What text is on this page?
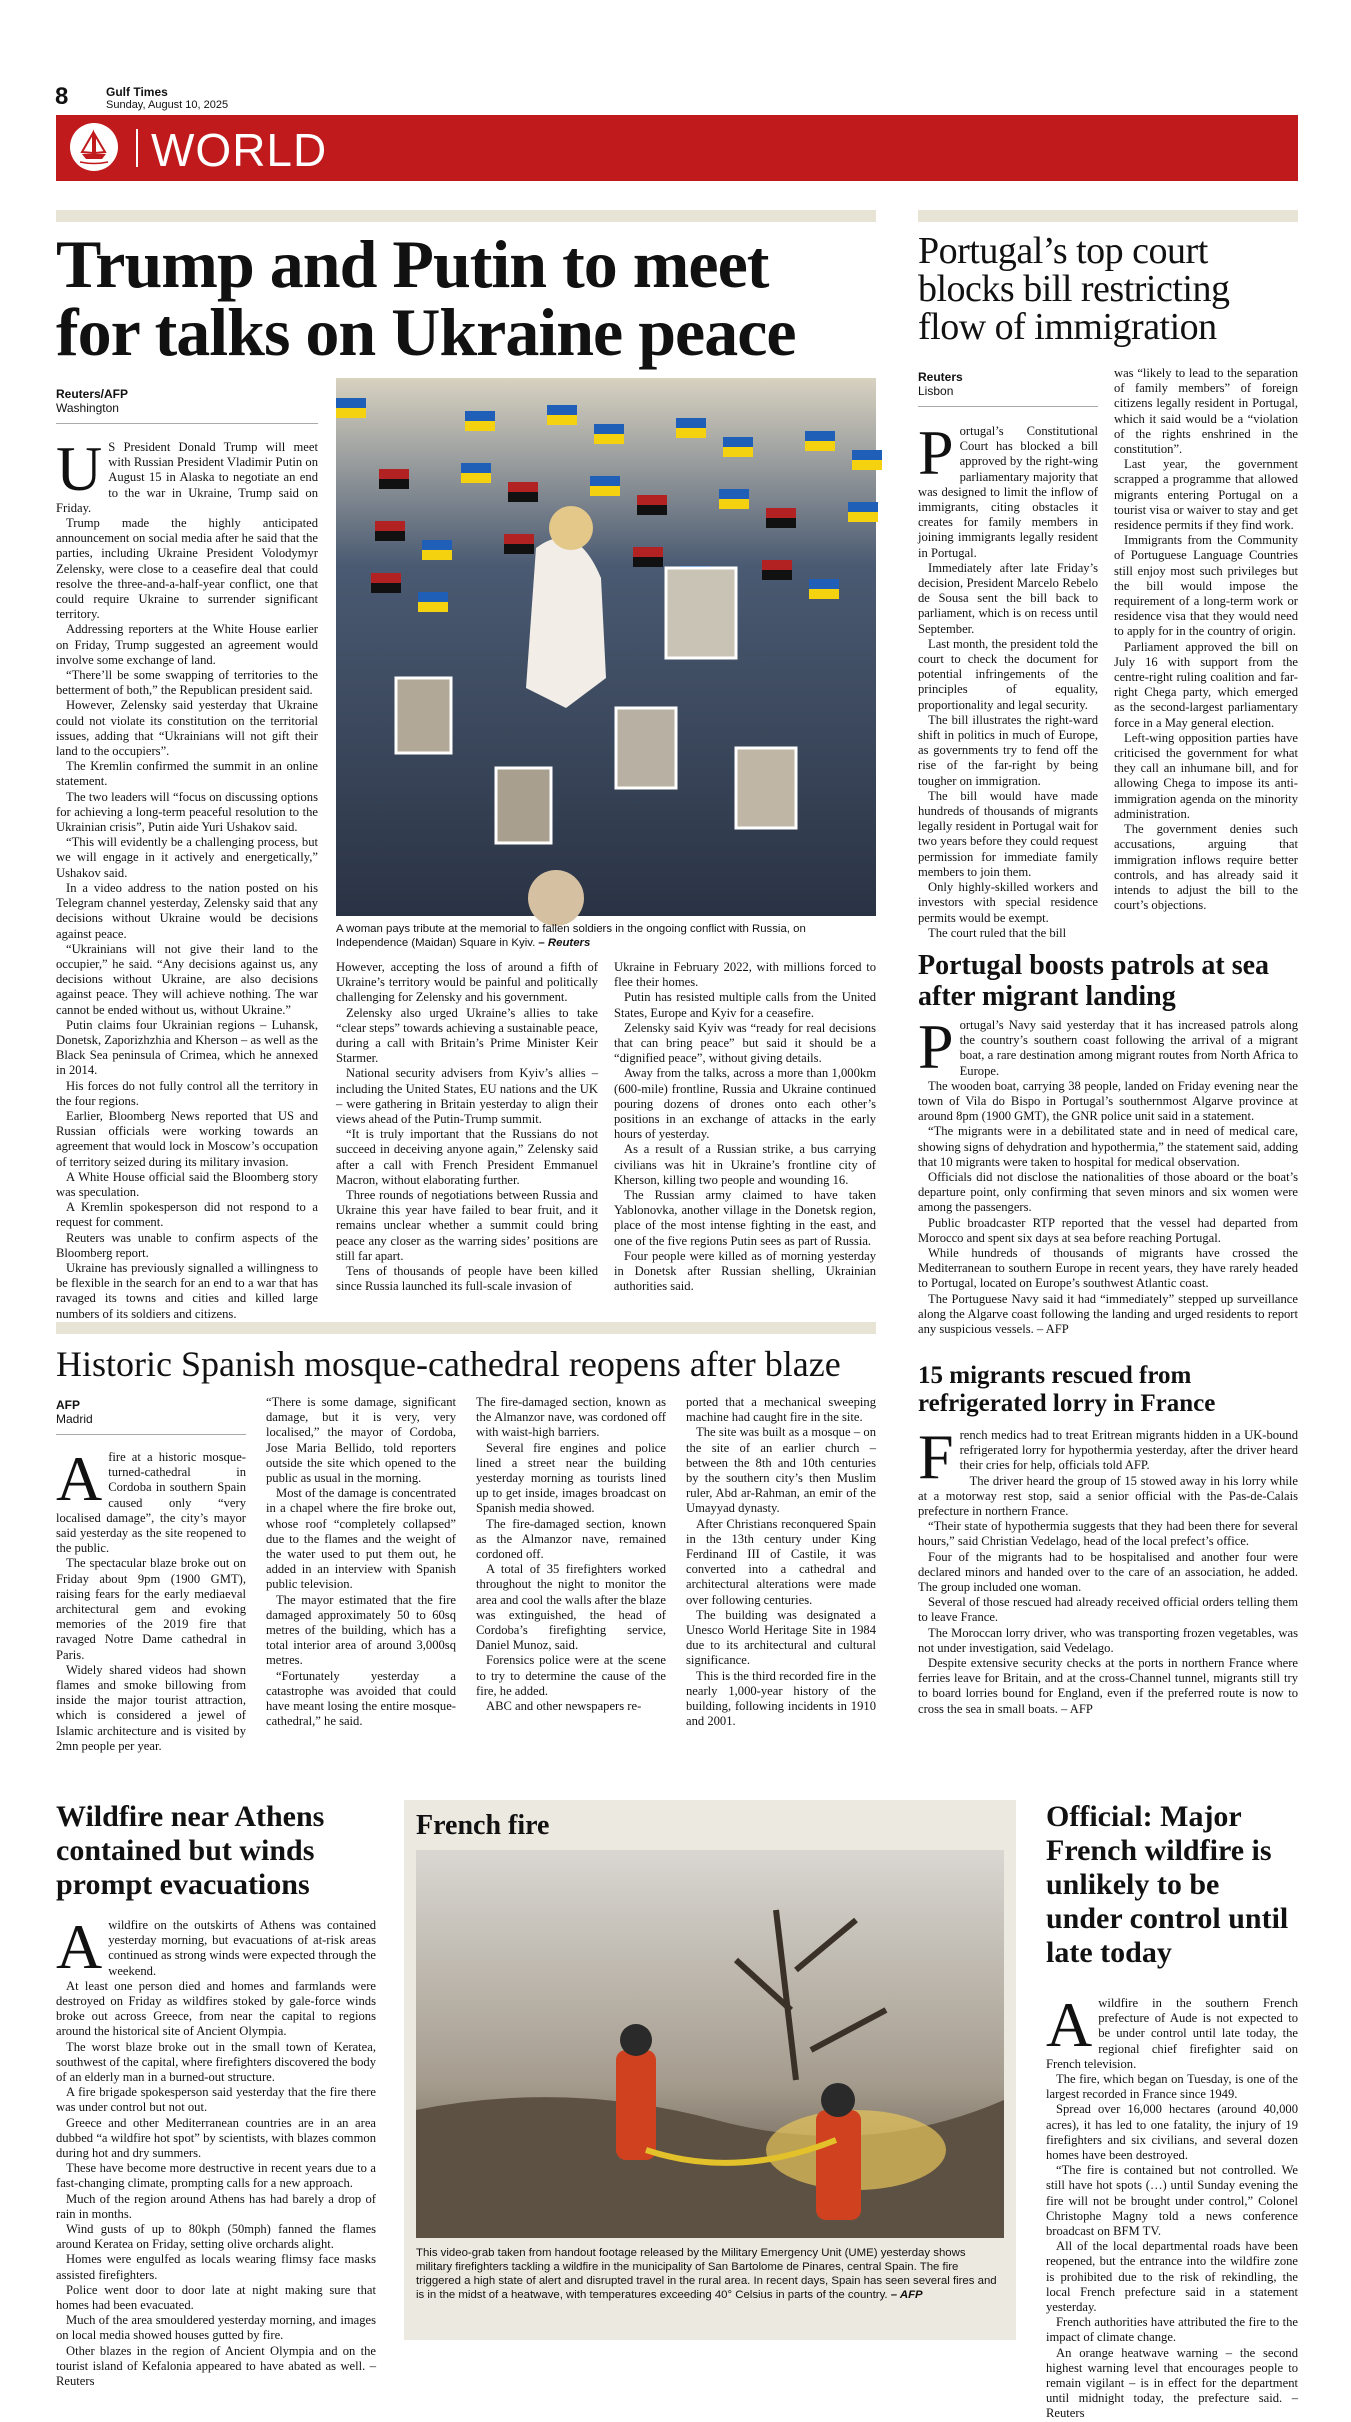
8	Gulf Times
Sunday, August 10, 2025
WORLD
Trump and Putin to meet
for talks on Ukraine peace
Reuters/AFP
Washington
U S President Donald Trump will meet with Russian President Vladimir Putin on August 15 in Alaska to negotiate an end to the war in Ukraine, Trump said on Friday.

Trump made the highly anticipated announcement on social media after he said that the parties, including Ukraine President Volodymyr Zelensky, were close to a ceasefire deal that could resolve the three-and-a-half-year conflict, one that could require Ukraine to surrender significant territory.

Addressing reporters at the White House earlier on Friday, Trump suggested an agreement would involve some exchange of land.

“There’ll be some swapping of territories to the betterment of both,” the Republican president said.

However, Zelensky said yesterday that Ukraine could not violate its constitution on the territorial issues, adding that “Ukrainians will not gift their land to the occupiers”.

The Kremlin confirmed the summit in an online statement.

The two leaders will “focus on discussing options for achieving a long-term peaceful resolution to the Ukrainian crisis”, Putin aide Yuri Ushakov said.

“This will evidently be a challenging process, but we will engage in it actively and energetically,” Ushakov said.

In a video address to the nation posted on his Telegram channel yesterday, Zelensky said that any decisions without Ukraine would be decisions against peace.

“Ukrainians will not give their land to the occupier,” he said. “Any decisions against us, any decisions without Ukraine, are also decisions against peace. They will achieve nothing. The war cannot be ended without us, without Ukraine.”

Putin claims four Ukrainian regions – Luhansk, Donetsk, Zaporizhzhia and Kherson – as well as the Black Sea peninsula of Crimea, which he annexed in 2014.

His forces do not fully control all the territory in the four regions.

Earlier, Bloomberg News reported that US and Russian officials were working towards an agreement that would lock in Moscow’s occupation of territory seized during its military invasion.

A White House official said the Bloomberg story was speculation.

A Kremlin spokesperson did not respond to a request for comment.

Reuters was unable to confirm aspects of the Bloomberg report.

Ukraine has previously signalled a willingness to be flexible in the search for an end to a war that has ravaged its towns and cities and killed large numbers of its soldiers and citizens.

A woman pays tribute at the memorial to fallen soldiers in the ongoing conflict with Russia, on Independence (Maidan) Square in Kyiv. – Reuters

However, accepting the loss of around a fifth of Ukraine’s territory would be painful and politically challenging for Zelensky and his government.

Zelensky also urged Ukraine’s allies to take “clear steps” towards achieving a sustainable peace, during a call with Britain’s Prime Minister Keir Starmer.

National security advisers from Kyiv’s allies – including the United States, EU nations and the UK – were gathering in Britain yesterday to align their views ahead of the Putin-Trump summit.

“It is truly important that the Russians do not succeed in deceiving anyone again,” Zelensky said after a call with French President Emmanuel Macron, without elaborating further.

Three rounds of negotiations between Russia and Ukraine this year have failed to bear fruit, and it remains unclear whether a summit could bring peace any closer as the warring sides’ positions are still far apart.

Tens of thousands of people have been killed since Russia launched its full-scale invasion of

Ukraine in February 2022, with millions forced to flee their homes.

Putin has resisted multiple calls from the United States, Europe and Kyiv for a ceasefire.

Zelensky said Kyiv was “ready for real decisions that can bring peace” but said it should be a “dignified peace”, without giving details.

Away from the talks, across a more than 1,000km (600-mile) frontline, Russia and Ukraine continued pouring dozens of drones onto each other’s positions in an exchange of attacks in the early hours of yesterday.

As a result of a Russian strike, a bus carrying civilians was hit in Ukraine’s frontline city of Kherson, killing two people and wounding 16.

The Russian army claimed to have taken Yablonovka, another village in the Donetsk region, place of the most intense fighting in the east, and one of the five regions Putin sees as part of Russia.

Four people were killed as of morning yesterday in Donetsk after Russian shelling, Ukrainian authorities said.

Portugal’s top court blocks bill restricting flow of immigration
Reuters
Lisbon
P ortugal’s Constitutional Court has blocked a bill approved by the right-wing parliamentary majority that was designed to limit the inflow of immigrants, citing obstacles it creates for family members in joining immigrants legally resident in Portugal.

Immediately after late Friday’s decision, President Marcelo Rebelo de Sousa sent the bill back to parliament, which is on recess until September.

Last month, the president told the court to check the document for potential infringements of the principles of equality, proportionality and legal security.

The bill illustrates the right-ward shift in politics in much of Europe, as governments try to fend off the rise of the far-right by being tougher on immigration.

The bill would have made hundreds of thousands of migrants legally resident in Portugal wait for two years before they could request permission for immediate family members to join them.

Only highly-skilled workers and investors with special residence permits would be exempt.

The court ruled that the bill

was “likely to lead to the separation of family members” of foreign citizens legally resident in Portugal, which it said would be a “violation of the rights enshrined in the constitution”.

Last year, the government scrapped a programme that allowed migrants entering Portugal on a tourist visa or waiver to stay and get residence permits if they find work.

Immigrants from the Community of Portuguese Language Countries still enjoy most such privileges but the bill would impose the requirement of a long-term work or residence visa that they would need to apply for in the country of origin.

Parliament approved the bill on July 16 with support from the centre-right ruling coalition and far-right Chega party, which emerged as the second-largest parliamentary force in a May general election.

Left-wing opposition parties have criticised the government for what they call an inhumane bill, and for allowing Chega to impose its anti-immigration agenda on the minority administration.

The government denies such accusations, arguing that immigration inflows require better controls, and has already said it intends to adjust the bill to the court’s objections.

Portugal boosts patrols at sea after migrant landing
P ortugal’s Navy said yesterday that it has increased patrols along the country’s southern coast following the arrival of a migrant boat, a rare destination among migrant routes from North Africa to Europe.

The wooden boat, carrying 38 people, landed on Friday evening near the town of Vila do Bispo in Portugal’s southernmost Algarve province at around 8pm (1900 GMT), the GNR police unit said in a statement.

“The migrants were in a debilitated state and in need of medical care, showing signs of dehydration and hypothermia,” the statement said, adding that 10 migrants were taken to hospital for medical observation.

Officials did not disclose the nationalities of those aboard or the boat’s departure point, only confirming that seven minors and six women were among the passengers.

Public broadcaster RTP reported that the vessel had departed from Morocco and spent six days at sea before reaching Portugal.

While hundreds of thousands of migrants have crossed the Mediterranean to southern Europe in recent years, they have rarely headed to Portugal, located on Europe’s southwest Atlantic coast.

The Portuguese Navy said it had “immediately” stepped up surveillance along the Algarve coast following the landing and urged residents to report any suspicious vessels. – AFP

Historic Spanish mosque-cathedral reopens after blaze
AFP
Madrid
A fire at a historic mosque-turned-cathedral in Cordoba in southern Spain caused only “very localised damage”, the city’s mayor said yesterday as the site reopened to the public.

The spectacular blaze broke out on Friday about 9pm (1900 GMT), raising fears for the early mediaeval architectural gem and evoking memories of the 2019 fire that ravaged Notre Dame cathedral in Paris.

Widely shared videos had shown flames and smoke billowing from inside the major tourist attraction, which is considered a jewel of Islamic architecture and is visited by 2mn people per year.

“There is some damage, significant damage, but it is very, very localised,” the mayor of Cordoba, Jose Maria Bellido, told reporters outside the site which opened to the public as usual in the morning.

Most of the damage is concentrated in a chapel where the fire broke out, whose roof “completely collapsed” due to the flames and the weight of the water used to put them out, he added in an interview with Spanish public television.

The mayor estimated that the fire damaged approximately 50 to 60sq metres of the building, which has a total interior area of around 3,000sq metres.

“Fortunately yesterday a catastrophe was avoided that could have meant losing the entire mosque-cathedral,” he said.

The fire-damaged section, known as the Almanzor nave, was cordoned off with waist-high barriers.

Several fire engines and police lined a street near the building yesterday morning as tourists lined up to get inside, images broadcast on Spanish media showed.

The fire-damaged section, known as the Almanzor nave, remained cordoned off.

A total of 35 firefighters worked throughout the night to monitor the area and cool the walls after the blaze was extinguished, the head of Cordoba’s firefighting service, Daniel Munoz, said.

Forensics police were at the scene to try to determine the cause of the fire, he added.

ABC and other newspapers re-

ported that a mechanical sweeping machine had caught fire in the site.

The site was built as a mosque – on the site of an earlier church – between the 8th and 10th centuries by the southern city’s then Muslim ruler, Abd ar-Rahman, an emir of the Umayyad dynasty.

After Christians reconquered Spain in the 13th century under King Ferdinand III of Castile, it was converted into a cathedral and architectural alterations were made over following centuries.

The building was designated a Unesco World Heritage Site in 1984 due to its architectural and cultural significance.

This is the third recorded fire in the nearly 1,000-year history of the building, following incidents in 1910 and 2001.

15 migrants rescued from refrigerated lorry in France
F rench medics had to treat Eritrean migrants hidden in a UK-bound refrigerated lorry for hypothermia yesterday, after the driver heard their cries for help, officials told AFP.

The driver heard the group of 15 stowed away in his lorry while at a motorway rest stop, said a senior official with the Pas-de-Calais prefecture in northern France.

“Their state of hypothermia suggests that they had been there for several hours,” said Christian Vedelago, head of the local prefect’s office.

Four of the migrants had to be hospitalised and another four were declared minors and handed over to the care of an association, he added. The group included one woman.

Several of those rescued had already received official orders telling them to leave France.

The Moroccan lorry driver, who was transporting frozen vegetables, was not under investigation, said Vedelago.

Despite extensive security checks at the ports in northern France where ferries leave for Britain, and at the cross-Channel tunnel, migrants still try to board lorries bound for England, even if the preferred route is now to cross the sea in small boats. – AFP

Wildfire near Athens contained but winds prompt evacuations
A wildfire on the outskirts of Athens was contained yesterday morning, but evacuations of at-risk areas continued as strong winds were expected through the weekend.

At least one person died and homes and farmlands were destroyed on Friday as wildfires stoked by gale-force winds broke out across Greece, from near the capital to regions around the historical site of Ancient Olympia.

The worst blaze broke out in the small town of Keratea, southwest of the capital, where firefighters discovered the body of an elderly man in a burned-out structure.

A fire brigade spokesperson said yesterday that the fire there was under control but not out.

Greece and other Mediterranean countries are in an area dubbed “a wildfire hot spot” by scientists, with blazes common during hot and dry summers.

These have become more destructive in recent years due to a fast-changing climate, prompting calls for a new approach.

Much of the region around Athens has had barely a drop of rain in months.

Wind gusts of up to 80kph (50mph) fanned the flames around Keratea on Friday, setting olive orchards alight.

Homes were engulfed as locals wearing flimsy face masks assisted firefighters.

Police went door to door late at night making sure that homes had been evacuated.

Much of the area smouldered yesterday morning, and images on local media showed houses gutted by fire.

Other blazes in the region of Ancient Olympia and on the tourist island of Kefalonia appeared to have abated as well. – Reuters

French fire
This video-grab taken from handout footage released by the Military Emergency Unit (UME) yesterday shows military firefighters tackling a wildfire in the municipality of San Bartolome de Pinares, central Spain. The fire triggered a high state of alert and disrupted travel in the rural area. In recent days, Spain has seen several fires and is in the midst of a heatwave, with temperatures exceeding 40° Celsius in parts of the country. – AFP
Official: Major French wildfire is unlikely to be under control until late today
A wildfire in the southern French prefecture of Aude is not expected to be under control until late today, the regional chief firefighter said on French television.

The fire, which began on Tuesday, is one of the largest recorded in France since 1949.

Spread over 16,000 hectares (around 40,000 acres), it has led to one fatality, the injury of 19 firefighters and six civilians, and several dozen homes have been destroyed.

“The fire is contained but not controlled. We still have hot spots (…) until Sunday evening the fire will not be brought under control,” Colonel Christophe Magny told a news conference broadcast on BFM TV.

All of the local departmental roads have been reopened, but the entrance into the wildfire zone is prohibited due to the risk of rekindling, the local French prefecture said in a statement yesterday.

French authorities have attributed the fire to the impact of climate change.

An orange heatwave warning – the second highest warning level that encourages people to remain vigilant – is in effect for the department until midnight today, the prefecture said. – Reuters
